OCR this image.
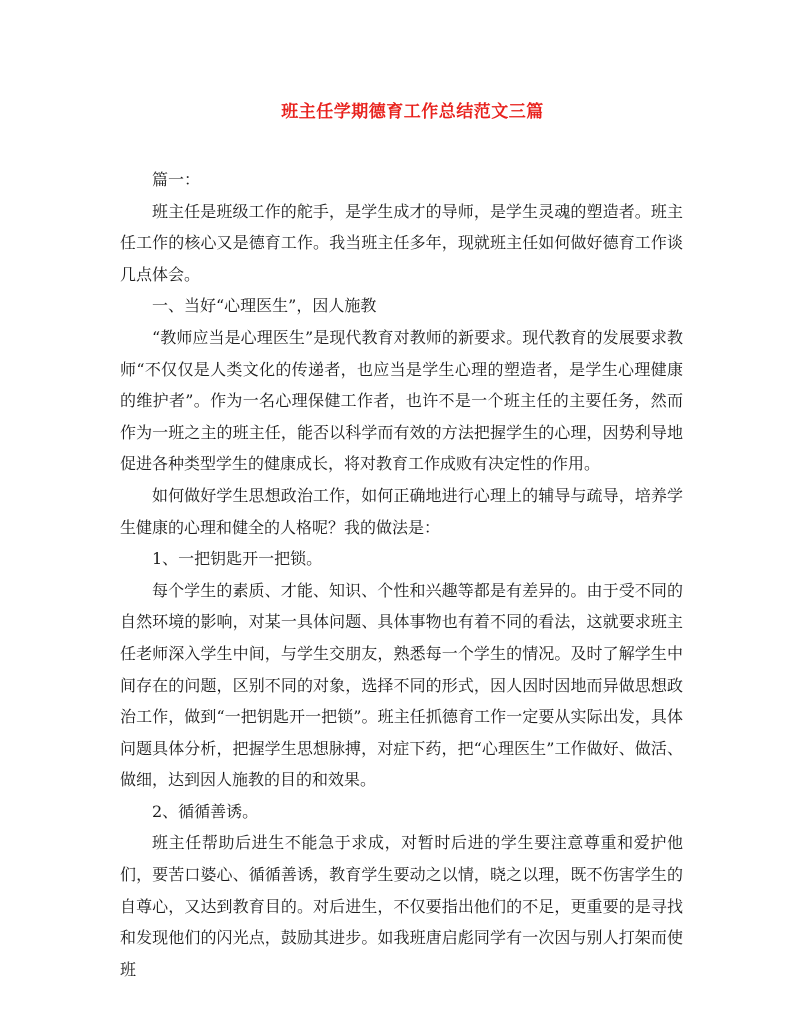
班主任学期德育工作总结范文三篇

篇一：

班主任是班级工作的舵手，是学生成才的导师，是学生灵魂的塑造者。班主任工作的核心又是德育工作。我当班主任多年，现就班主任如何做好德育工作谈几点体会。

一、当好“心理医生”，因人施教

“教师应当是心理医生”是现代教育对教师的新要求。现代教育的发展要求教师“不仅仅是人类文化的传递者，也应当是学生心理的塑造者，是学生心理健康的维护者”。作为一名心理保健工作者，也许不是一个班主任的主要任务，然而作为一班之主的班主任，能否以科学而有效的方法把握学生的心理，因势利导地促进各种类型学生的健康成长，将对教育工作成败有决定性的作用。

如何做好学生思想政治工作，如何正确地进行心理上的辅导与疏导，培养学生健康的心理和健全的人格呢？我的做法是：

1、一把钥匙开一把锁。

每个学生的素质、才能、知识、个性和兴趣等都是有差异的。由于受不同的自然环境的影响，对某一具体问题、具体事物也有着不同的看法，这就要求班主任老师深入学生中间，与学生交朋友，熟悉每一个学生的情况。及时了解学生中间存在的问题，区别不同的对象，选择不同的形式，因人因时因地而异做思想政治工作，做到“一把钥匙开一把锁”。班主任抓德育工作一定要从实际出发，具体问题具体分析，把握学生思想脉搏，对症下药，把“心理医生”工作做好、做活、做细，达到因人施教的目的和效果。

2、循循善诱。

班主任帮助后进生不能急于求成，对暂时后进的学生要注意尊重和爱护他们，要苦口婆心、循循善诱，教育学生要动之以情，晓之以理，既不伤害学生的自尊心，又达到教育目的。对后进生，不仅要指出他们的不足，更重要的是寻找和发现他们的闪光点，鼓励其进步。如我班唐启彪同学有一次因与别人打架而使班
